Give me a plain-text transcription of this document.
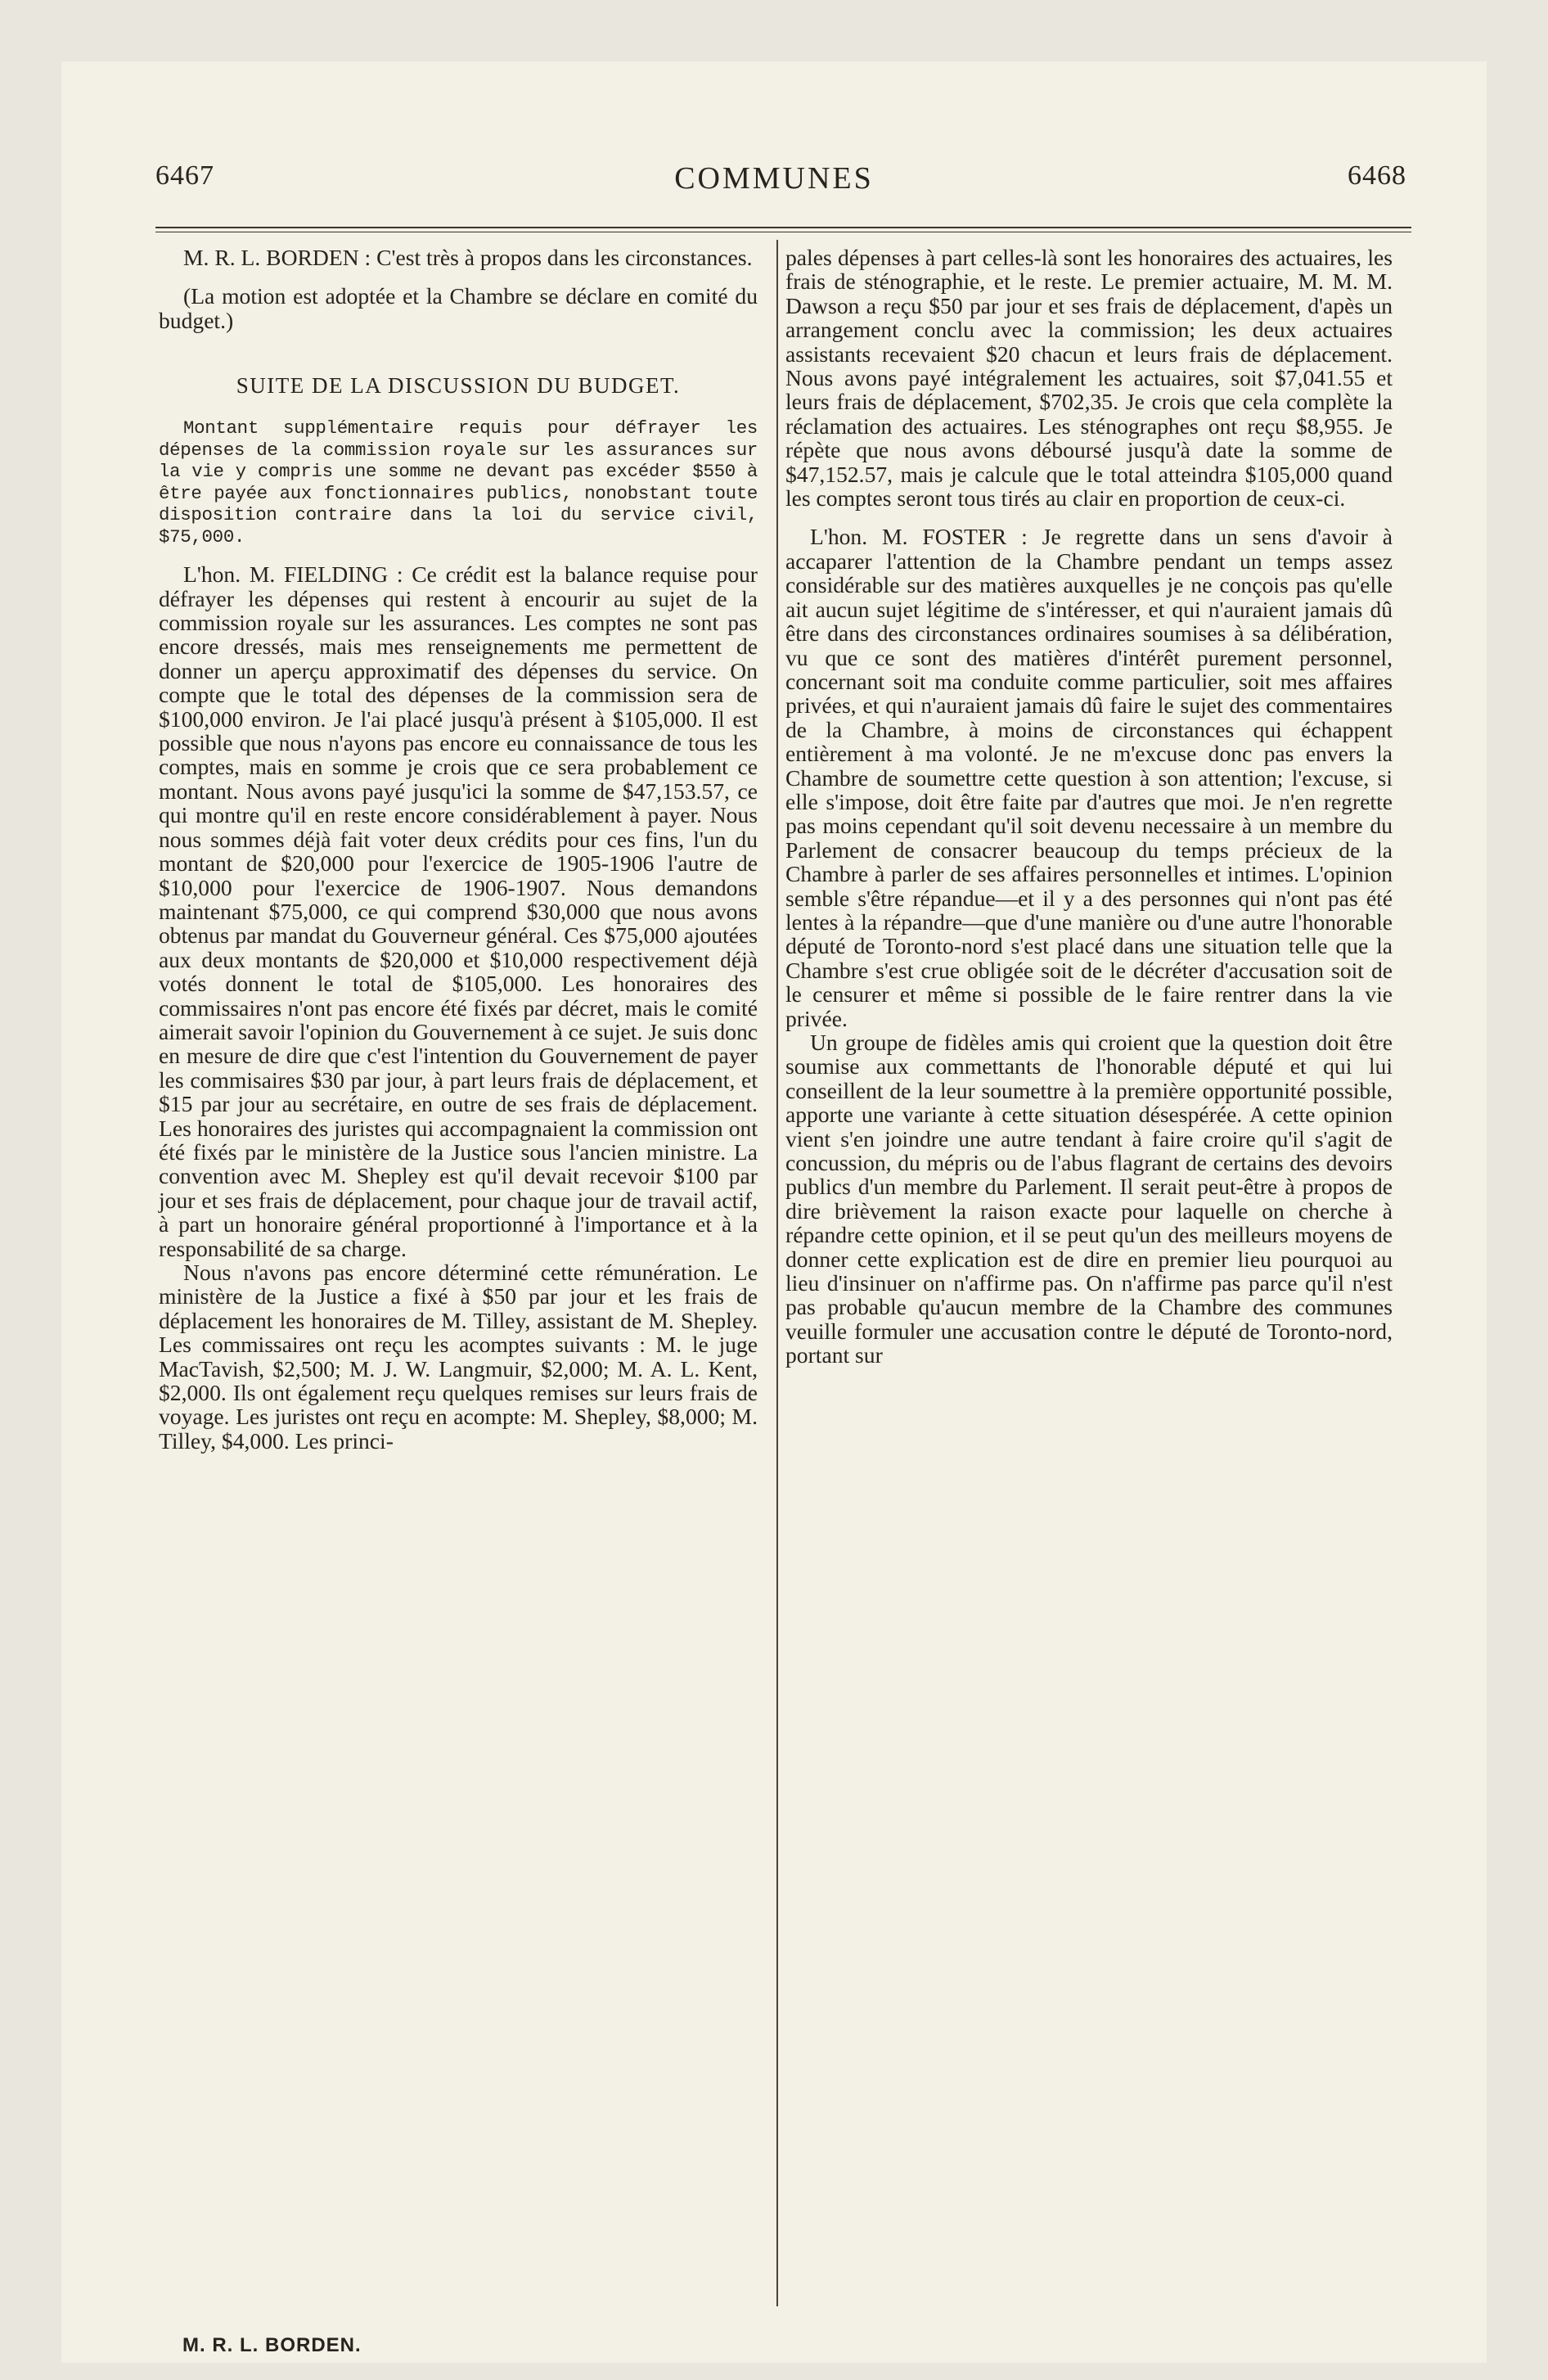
6467	COMMUNES	6468

M. R. L. BORDEN : C'est très à propos dans les circonstances.

(La motion est adoptée et la Chambre se déclare en comité du budget.)

SUITE DE LA DISCUSSION DU BUDGET.

Montant supplémentaire requis pour défrayer les dépenses de la commission royale sur les assurances sur la vie y compris une somme ne devant pas excéder $550 à être payée aux fonctionnaires publics, nonobstant toute disposition contraire dans la loi du service civil, $75,000.

L'hon. M. FIELDING : Ce crédit est la balance requise pour défrayer les dépenses qui restent à encourir au sujet de la commission royale sur les assurances. Les comptes ne sont pas encore dressés, mais mes renseignements me permettent de donner un aperçu approximatif des dépenses du service. On compte que le total des dépenses de la commission sera de $100,000 environ. Je l'ai placé jusqu'à présent à $105,000. Il est possible que nous n'ayons pas encore eu connaissance de tous les comptes, mais en somme je crois que ce sera probablement ce montant. Nous avons payé jusqu'ici la somme de $47,153.57, ce qui montre qu'il en reste encore considérablement à payer. Nous nous sommes déjà fait voter deux crédits pour ces fins, l'un du montant de $20,000 pour l'exercice de 1905-1906 l'autre de $10,000 pour l'exercice de 1906-1907. Nous demandons maintenant $75,000, ce qui comprend $30,000 que nous avons obtenus par mandat du Gouverneur général. Ces $75,000 ajoutées aux deux montants de $20,000 et $10,000 respectivement déjà votés donnent le total de $105,000. Les honoraires des commissaires n'ont pas encore été fixés par décret, mais le comité aimerait savoir l'opinion du Gouvernement à ce sujet. Je suis donc en mesure de dire que c'est l'intention du Gouvernement de payer les commisaires $30 par jour, à part leurs frais de déplacement, et $15 par jour au secrétaire, en outre de ses frais de déplacement. Les honoraires des juristes qui accompagnaient la commission ont été fixés par le ministère de la Justice sous l'ancien ministre. La convention avec M. Shepley est qu'il devait recevoir $100 par jour et ses frais de déplacement, pour chaque jour de travail actif, à part un honoraire général proportionné à l'importance et à la responsabilité de sa charge.

Nous n'avons pas encore déterminé cette rémunération. Le ministère de la Justice a fixé à $50 par jour et les frais de déplacement les honoraires de M. Tilley, assistant de M. Shepley. Les commissaires ont reçu les acomptes suivants : M. le juge MacTavish, $2,500; M. J. W. Langmuir, $2,000; M. A. L. Kent, $2,000. Ils ont également reçu quelques remises sur leurs frais de voyage. Les juristes ont reçu en acompte: M. Shepley, $8,000; M. Tilley, $4,000. Les princi-

pales dépenses à part celles-là sont les honoraires des actuaires, les frais de sténographie, et le reste. Le premier actuaire, M. M. M. Dawson a reçu $50 par jour et ses frais de déplacement, d'apès un arrangement conclu avec la commission; les deux actuaires assistants recevaient $20 chacun et leurs frais de déplacement. Nous avons payé intégralement les actuaires, soit $7,041.55 et leurs frais de déplacement, $702,35. Je crois que cela complète la réclamation des actuaires. Les sténographes ont reçu $8,955. Je répète que nous avons déboursé jusqu'à date la somme de $47,152.57, mais je calcule que le total atteindra $105,000 quand les comptes seront tous tirés au clair en proportion de ceux-ci.

L'hon. M. FOSTER : Je regrette dans un sens d'avoir à accaparer l'attention de la Chambre pendant un temps assez considérable sur des matières auxquelles je ne conçois pas qu'elle ait aucun sujet légitime de s'intéresser, et qui n'auraient jamais dû être dans des circonstances ordinaires soumises à sa délibération, vu que ce sont des matières d'intérêt purement personnel, concernant soit ma conduite comme particulier, soit mes affaires privées, et qui n'auraient jamais dû faire le sujet des commentaires de la Chambre, à moins de circonstances qui échappent entièrement à ma volonté. Je ne m'excuse donc pas envers la Chambre de soumettre cette question à son attention; l'excuse, si elle s'impose, doit être faite par d'autres que moi. Je n'en regrette pas moins cependant qu'il soit devenu necessaire à un membre du Parlement de consacrer beaucoup du temps précieux de la Chambre à parler de ses affaires personnelles et intimes. L'opinion semble s'être répandue—et il y a des personnes qui n'ont pas été lentes à la répandre—que d'une manière ou d'une autre l'honorable député de Toronto-nord s'est placé dans une situation telle que la Chambre s'est crue obligée soit de le décréter d'accusation soit de le censurer et même si possible de le faire rentrer dans la vie privée.

Un groupe de fidèles amis qui croient que la question doit être soumise aux commettants de l'honorable député et qui lui conseillent de la leur soumettre à la première opportunité possible, apporte une variante à cette situation désespérée. A cette opinion vient s'en joindre une autre tendant à faire croire qu'il s'agit de concussion, du mépris ou de l'abus flagrant de certains des devoirs publics d'un membre du Parlement. Il serait peut-être à propos de dire brièvement la raison exacte pour laquelle on cherche à répandre cette opinion, et il se peut qu'un des meilleurs moyens de donner cette explication est de dire en premier lieu pourquoi au lieu d'insinuer on n'affirme pas. On n'affirme pas parce qu'il n'est pas probable qu'aucun membre de la Chambre des communes veuille formuler une accusation contre le député de Toronto-nord, portant sur

M. R. L. BORDEN.
